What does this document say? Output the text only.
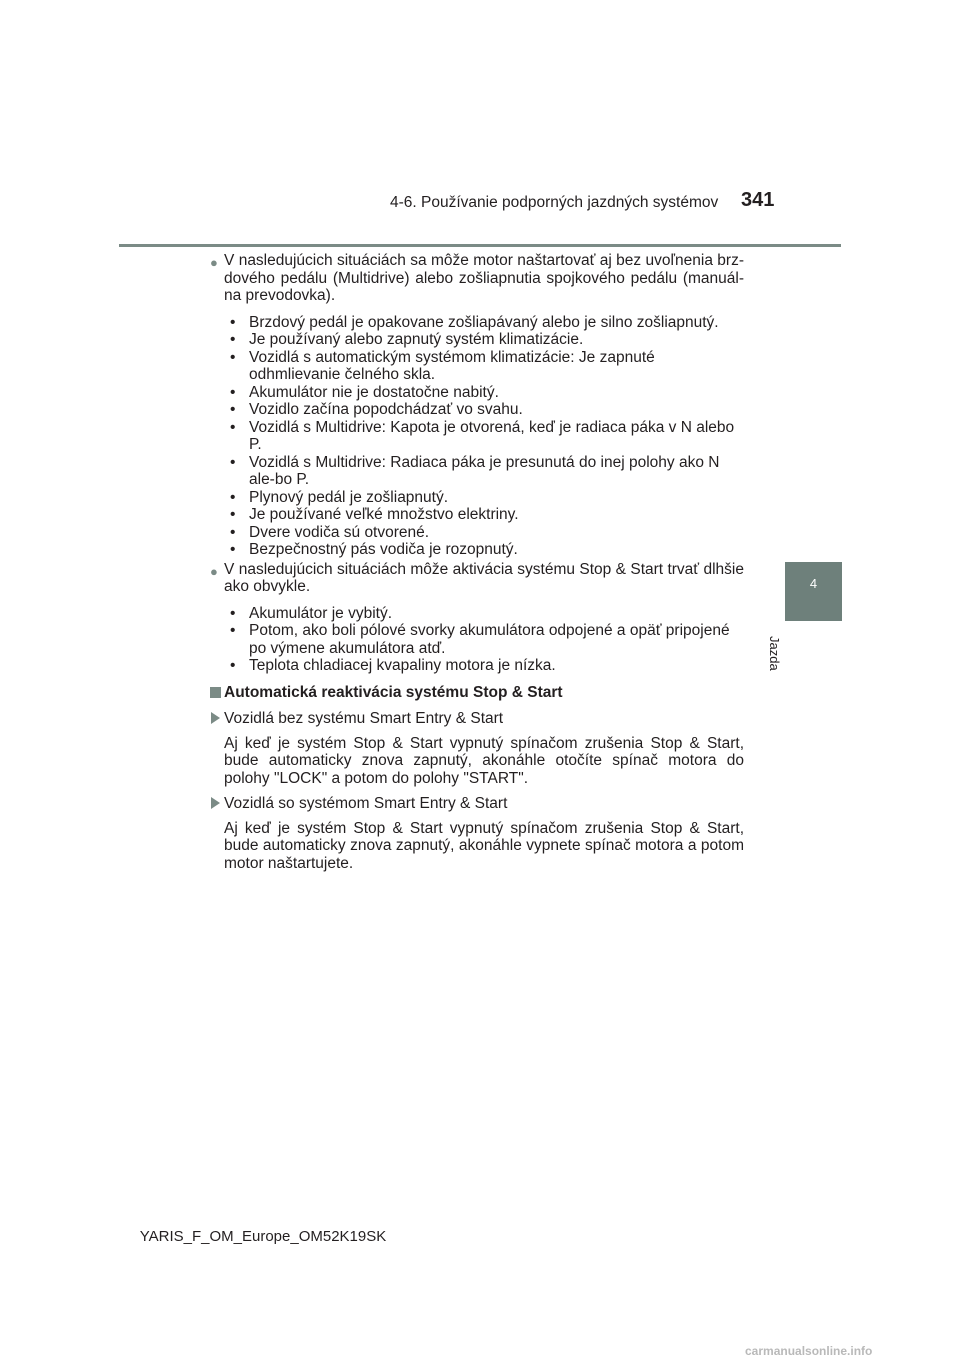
4-6. Používanie podporných jazdných systémov 341
4
Jazda
● V nasledujúcich situáciách sa môže motor naštartovať aj bez uvoľnenia brz-dového pedálu (Multidrive) alebo zošliapnutia spojkového pedálu (manuál-na prevodovka).
• Brzdový pedál je opakovane zošliapávaný alebo je silno zošliapnutý.
• Je používaný alebo zapnutý systém klimatizácie.
• Vozidlá s automatickým systémom klimatizácie: Je zapnuté odhmlievanie čelného skla.
• Akumulátor nie je dostatočne nabitý.
• Vozidlo začína popodchádzať vo svahu.
• Vozidlá s Multidrive: Kapota je otvorená, keď je radiaca páka v N alebo P.
• Vozidlá s Multidrive: Radiaca páka je presunutá do inej polohy ako N ale-bo P.
• Plynový pedál je zošliapnutý.
• Je používané veľké množstvo elektriny.
• Dvere vodiča sú otvorené.
• Bezpečnostný pás vodiča je rozopnutý.
● V nasledujúcich situáciách môže aktivácia systému Stop & Start trvať dlhšie ako obvykle.
• Akumulátor je vybitý.
• Potom, ako boli pólové svorky akumulátora odpojené a opäť pripojené po výmene akumulátora atď.
• Teplota chladiacej kvapaliny motora je nízka.
Automatická reaktivácia systému Stop & Start
Vozidlá bez systému Smart Entry & Start
Aj keď je systém Stop & Start vypnutý spínačom zrušenia Stop & Start, bude automaticky znova zapnutý, akonáhle otočíte spínač motora do polohy "LOCK" a potom do polohy "START".
Vozidlá so systémom Smart Entry & Start
Aj keď je systém Stop & Start vypnutý spínačom zrušenia Stop & Start, bude automaticky znova zapnutý, akonáhle vypnete spínač motora a potom motor naštartujete.
YARIS_F_OM_Europe_OM52K19SK
carmanualsonline.info
